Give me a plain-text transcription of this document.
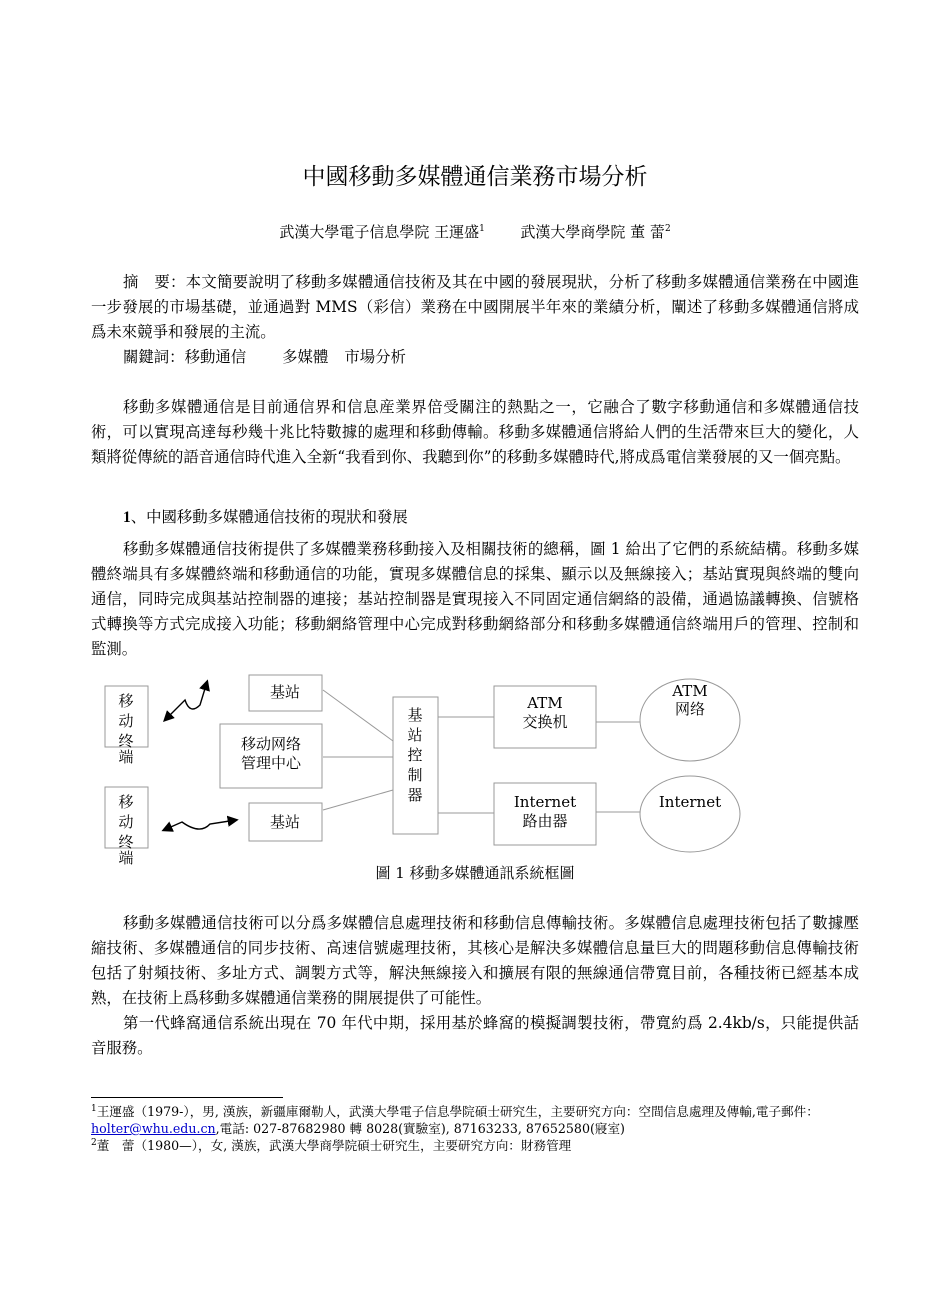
中國移動多媒體通信業務市場分析
武漢大學電子信息學院 王運盛$^1$ 武漢大學商學院 董 蕾$^2$

摘　要：本文簡要說明了移動多媒體通信技術及其在中國的發展現狀，分析了移動多媒體通信業務在中國進一步發展的市場基礎，並通過對 MMS（彩信）業務在中國開展半年來的業績分析，闡述了移動多媒體通信將成爲未來競爭和發展的主流。

關鍵詞：移動通信 多媒體 市場分析

移動多媒體通信是目前通信界和信息産業界倍受關注的熱點之一，它融合了數字移動通信和多媒體通信技術，可以實現高達每秒幾十兆比特數據的處理和移動傳輸。移動多媒體通信將給人們的生活帶來巨大的變化，人類將從傳統的語音通信時代進入全新“我看到你、我聽到你”的移動多媒體時代,將成爲電信業發展的又一個亮點。

1、中國移動多媒體通信技術的現狀和發展

移動多媒體通信技術提供了多媒體業務移動接入及相關技術的總稱，圖 1 給出了它們的系統結構。移動多媒體終端具有多媒體終端和移動通信的功能，實現多媒體信息的採集、顯示以及無線接入；基站實現與終端的雙向通信，同時完成與基站控制器的連接；基站控制器是實現接入不同固定通信網絡的設備，通過協議轉換、信號格式轉換等方式完成接入功能；移動網絡管理中心完成對移動網絡部分和移動多媒體通信終端用戶的管理、控制和監測。

移
动
终
端
移
动
终
端
基站
移动网络
管理中心
基站
基
站
控
制
器
ATM
交换机
Internet
路由器
ATM
网络
Internet
圖 1 移動多媒體通訊系統框圖

移動多媒體通信技術可以分爲多媒體信息處理技術和移動信息傳輸技術。多媒體信息處理技術包括了數據壓縮技術、多媒體通信的同步技術、高速信號處理技術，其核心是解決多媒體信息量巨大的問題移動信息傳輸技術包括了射頻技術、多址方式、調製方式等，解決無線接入和擴展有限的無線通信帶寬目前，各種技術已經基本成熟，在技術上爲移動多媒體通信業務的開展提供了可能性。

第一代蜂窩通信系統出現在 70 年代中期，採用基於蜂窩的模擬調製技術，帶寬約爲 2.4kb/s，只能提供話音服務。

$^1$王運盛（1979-），男, 漢族，新疆庫爾勒人，武漢大學電子信息學院碩士研究生，主要研究方向：空間信息處理及傳輸,電子郵件：holter@whu.edu.cn,電話: 027-87682980 轉 8028(實驗室), 87163233, 87652580(寢室)

$^2$董　蕾（1980—），女, 漢族，武漢大學商學院碩士研究生，主要研究方向：財務管理
